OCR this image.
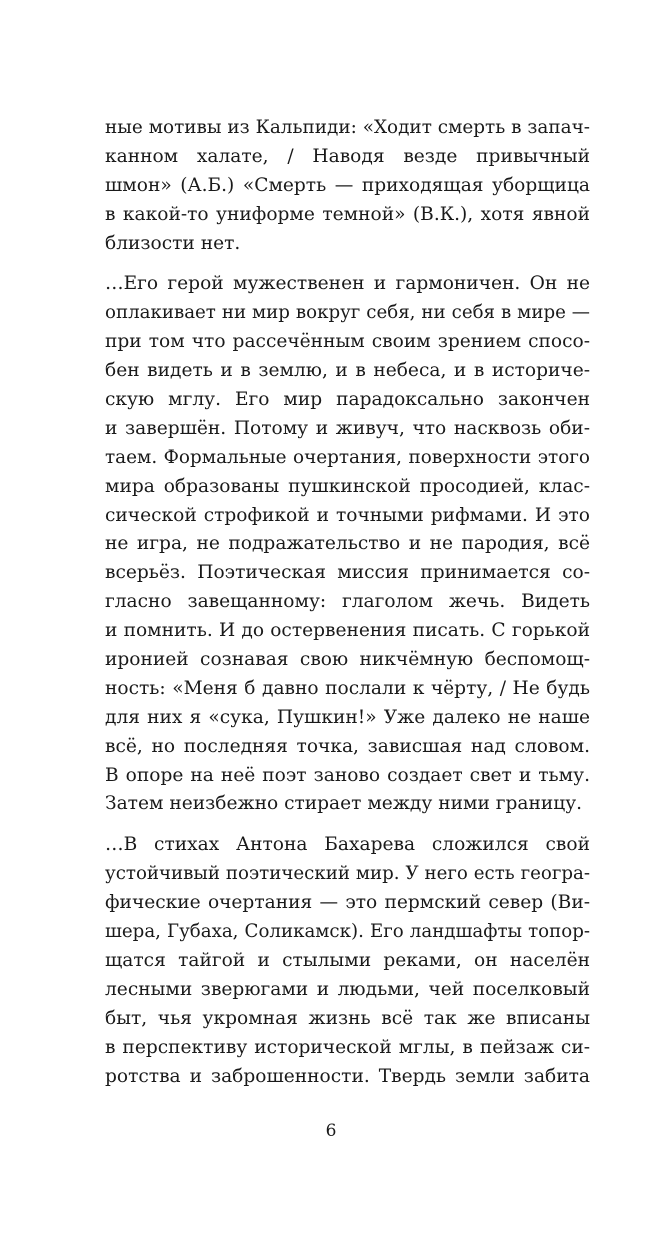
ные мотивы из Кальпиди: «Ходит смерть в запач-
канном халате, / Наводя везде привычный
шмон» (А.Б.) «Смерть — приходящая уборщица
в какой-то униформе темной» (В.К.), хотя явной
близости нет.
…Его герой мужественен и гармоничен. Он не
оплакивает ни мир вокруг себя, ни себя в мире —
при том что рассечённым своим зрением спосо-
бен видеть и в землю, и в небеса, и в историче-
скую мглу. Его мир парадоксально закончен
и завершён. Потому и живуч, что насквозь оби-
таем. Формальные очертания, поверхности этого
мира образованы пушкинской просодией, клас-
сической строфикой и точными рифмами. И это
не игра, не подражательство и не пародия, всё
всерьёз. Поэтическая миссия принимается со-
гласно завещанному: глаголом жечь. Видеть
и помнить. И до остервенения писать. С горькой
иронией сознавая свою никчёмную беспомощ-
ность: «Меня б давно послали к чёрту, / Не будь
для них я «сука, Пушкин!» Уже далеко не наше
всё, но последняя точка, зависшая над словом.
В опоре на неё поэт заново создает свет и тьму.
Затем неизбежно стирает между ними границу.
…В стихах Антона Бахарева сложился свой
устойчивый поэтический мир. У него есть геогра-
фические очертания — это пермский север (Ви-
шера, Губаха, Соликамск). Его ландшафты топор-
щатся тайгой и стылыми реками, он населён
лесными зверюгами и людьми, чей поселковый
быт, чья укромная жизнь всё так же вписаны
в перспективу исторической мглы, в пейзаж си-
ротства и заброшенности. Твердь земли забита
6
